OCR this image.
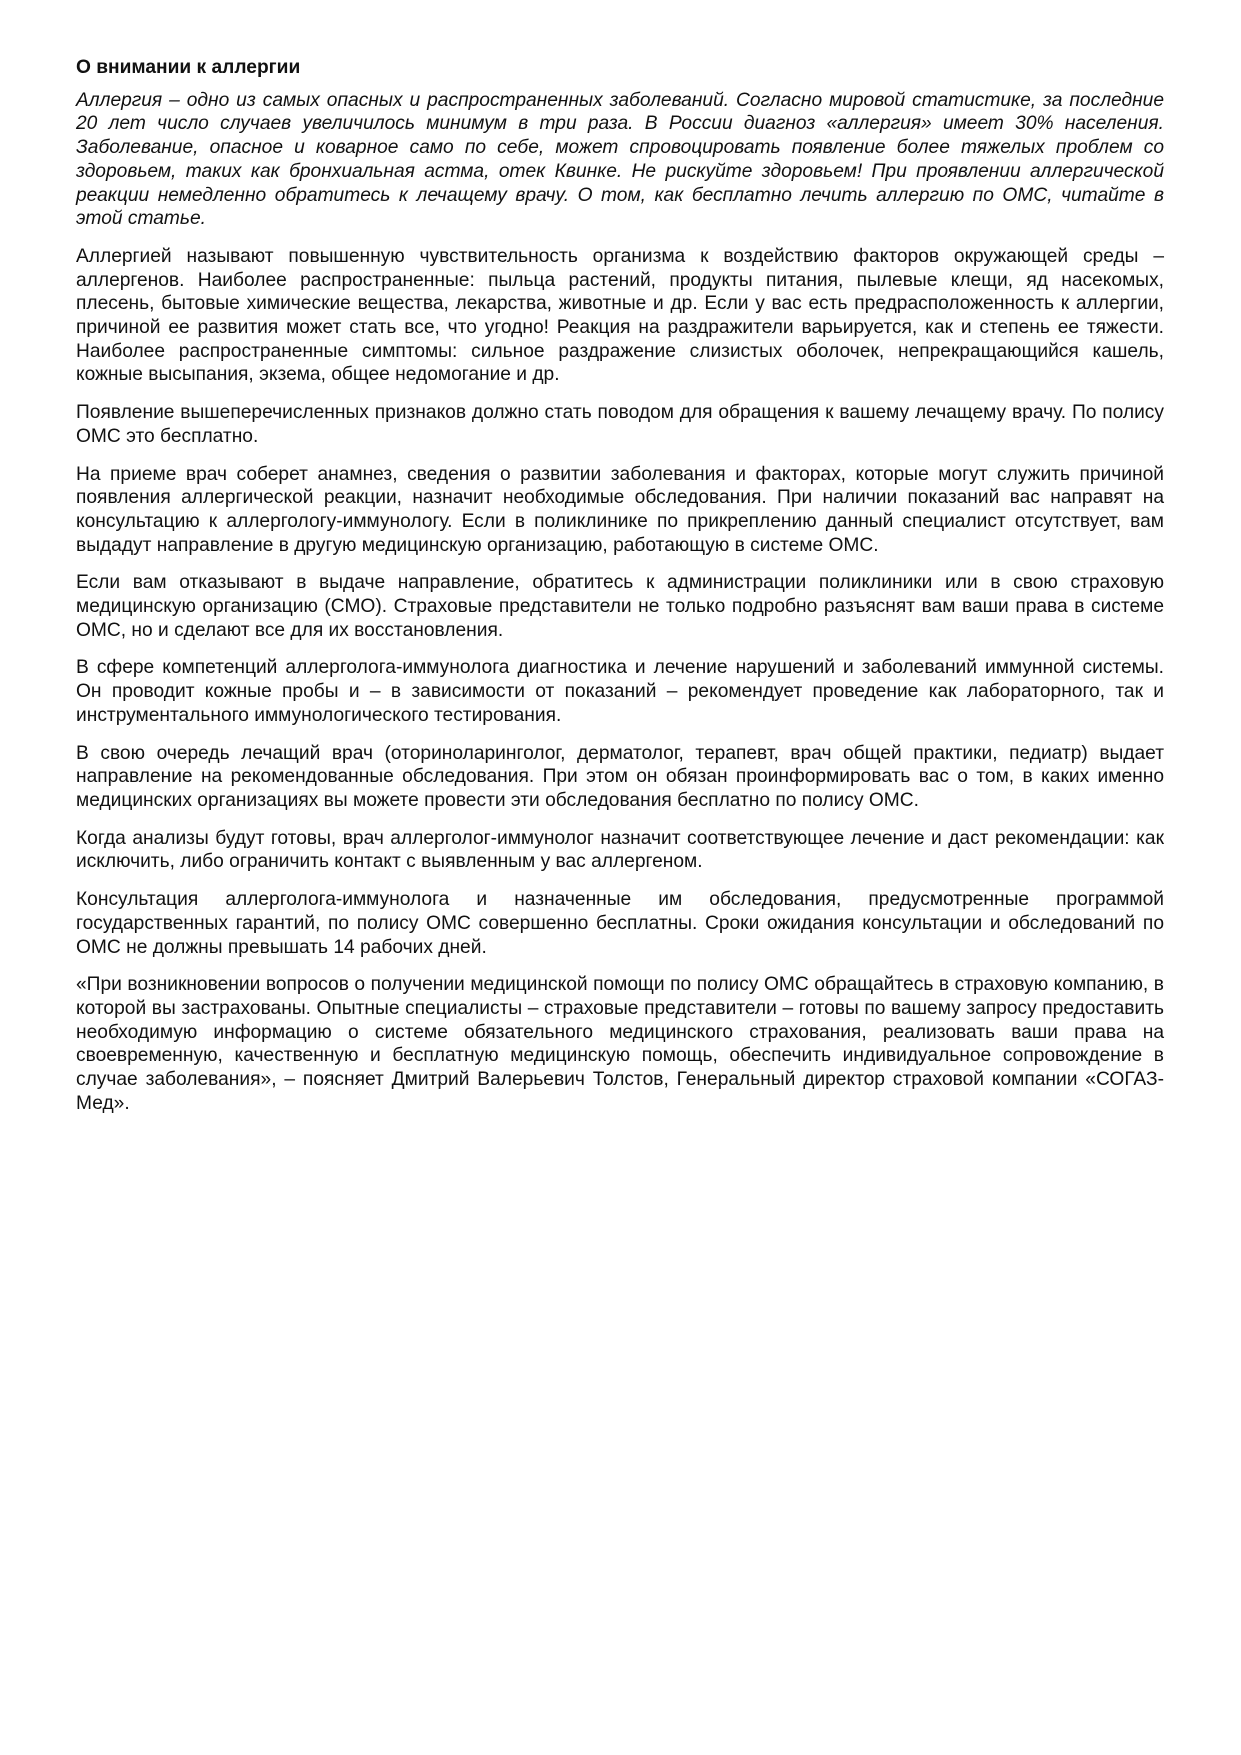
О внимании к аллергии

Аллергия – одно из самых опасных и распространенных заболеваний. Согласно мировой статистике, за последние 20 лет число случаев увеличилось минимум в три раза. В России диагноз «аллергия» имеет 30% населения. Заболевание, опасное и коварное само по себе, может спровоцировать появление более тяжелых проблем со здоровьем, таких как бронхиальная астма, отек Квинке. Не рискуйте здоровьем! При проявлении аллергической реакции немедленно обратитесь к лечащему врачу. О том, как бесплатно лечить аллергию по ОМС, читайте в этой статье.

Аллергией называют повышенную чувствительность организма к воздействию факторов окружающей среды – аллергенов. Наиболее распространенные: пыльца растений, продукты питания, пылевые клещи, яд насекомых, плесень, бытовые химические вещества, лекарства, животные и др. Если у вас есть предрасположенность к аллергии, причиной ее развития может стать все, что угодно! Реакция на раздражители варьируется, как и степень ее тяжести. Наиболее распространенные симптомы: сильное раздражение слизистых оболочек, непрекращающийся кашель, кожные высыпания, экзема, общее недомогание и др.

Появление вышеперечисленных признаков должно стать поводом для обращения к вашему лечащему врачу. По полису ОМС это бесплатно.

На приеме врач соберет анамнез, сведения о развитии заболевания и факторах, которые могут служить причиной появления аллергической реакции, назначит необходимые обследования. При наличии показаний вас направят на консультацию к аллергологу-иммунологу. Если в поликлинике по прикреплению данный специалист отсутствует, вам выдадут направление в другую медицинскую организацию, работающую в системе ОМС.

Если вам отказывают в выдаче направление, обратитесь к администрации поликлиники или в свою страховую медицинскую организацию (СМО). Страховые представители не только подробно разъяснят вам ваши права в системе ОМС, но и сделают все для их восстановления.

В сфере компетенций аллерголога-иммунолога диагностика и лечение нарушений и заболеваний иммунной системы. Он проводит кожные пробы и – в зависимости от показаний – рекомендует проведение как лабораторного, так и инструментального иммунологического тестирования.

В свою очередь лечащий врач (оториноларинголог, дерматолог, терапевт, врач общей практики, педиатр) выдает направление на рекомендованные обследования. При этом он обязан проинформировать вас о том, в каких именно медицинских организациях вы можете провести эти обследования бесплатно по полису ОМС.

Когда анализы будут готовы, врач аллерголог-иммунолог назначит соответствующее лечение и даст рекомендации: как исключить, либо ограничить контакт с выявленным у вас аллергеном.

Консультация аллерголога-иммунолога и назначенные им обследования, предусмотренные программой государственных гарантий, по полису ОМС совершенно бесплатны. Сроки ожидания консультации и обследований по ОМС не должны превышать 14 рабочих дней.

«При возникновении вопросов о получении медицинской помощи по полису ОМС обращайтесь в страховую компанию, в которой вы застрахованы. Опытные специалисты – страховые представители – готовы по вашему запросу предоставить необходимую информацию о системе обязательного медицинского страхования, реализовать ваши права на своевременную, качественную и бесплатную медицинскую помощь, обеспечить индивидуальное сопровождение в случае заболевания», – поясняет Дмитрий Валерьевич Толстов, Генеральный директор страховой компании «СОГАЗ-Мед».
